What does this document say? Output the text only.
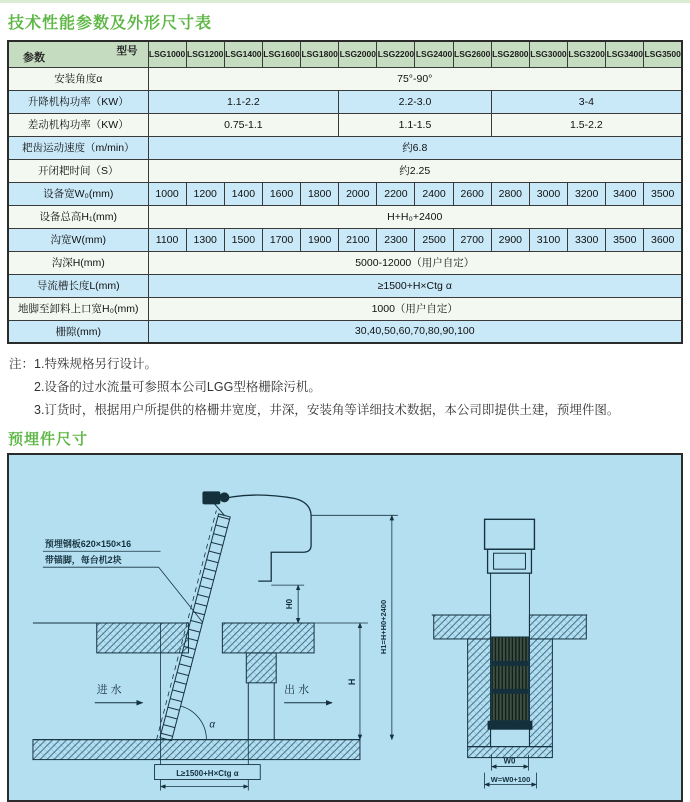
技术性能参数及外形尺寸表
型号
参数	LSG1000	LSG1200	LSG1400	LSG1600	LSG1800	LSG2000	LSG2200	LSG2400	LSG2600	LSG2800	LSG3000	LSG3200	LSG3400	LSG3500
安装角度α	75°-90°													
升降机构功率（KW）	1.1-2.2					2.2-3.0				3-4				
差动机构功率（KW）	0.75-1.1					1.1-1.5				1.5-2.2				
耙齿运动速度（m/min）	约6.8													
开闭耙时间（S）	约2.25													
设备宽W₀(mm)	1000	1200	1400	1600	1800	2000	2200	2400	2600	2800	3000	3200	3400	3500
设备总高H₁(mm)	H+H₀+2400													
沟宽W(mm)	1100	1300	1500	1700	1900	2100	2300	2500	2700	2900	3100	3300	3500	3600
沟深H(mm)	5000-12000（用户自定）													
导流槽长度L(mm)	≥1500+H×Ctg α													
地脚至卸料上口宽H₀(mm)	1000（用户自定）													
栅隙(mm)	30,40,50,60,70,80,90,100													
注：1.特殊规格另行设计。
2.设备的过水流量可参照本公司LGG型格栅除污机。
3.订货时，根据用户所提供的格栅井宽度，井深，安装角等详细技术数据，本公司即提供土建，预埋件图。
预埋件尺寸
预埋钢板620×150×16
带锚脚，每台机2块
进水	出水
α
H0
H
H1=H+H0+2400
L≥1500+H×Ctg α
W0
W=W0+100
